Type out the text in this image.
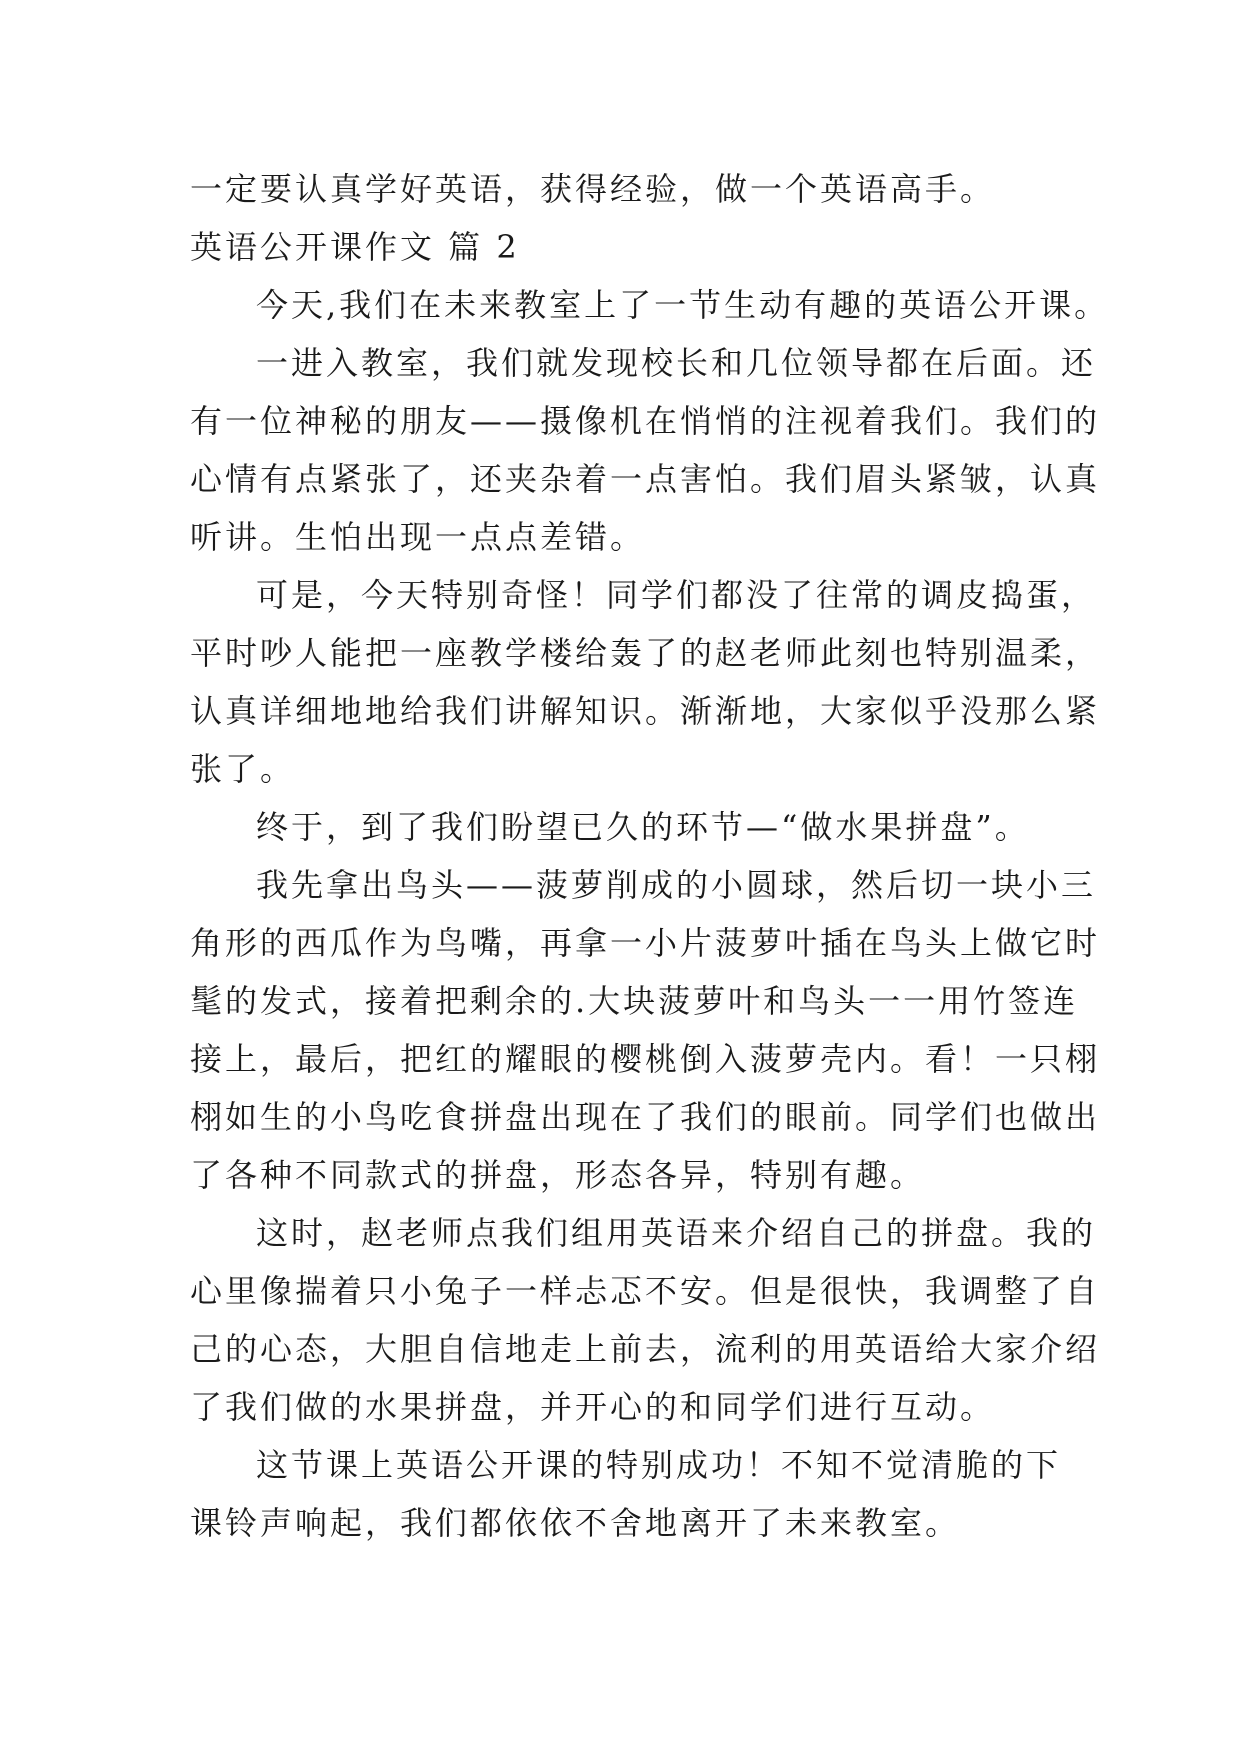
一定要认真学好英语，获得经验，做一个英语高手。
英语公开课作文 篇 2
今天,我们在未来教室上了一节生动有趣的英语公开课。
一进入教室，我们就发现校长和几位领导都在后面。还
有一位神秘的朋友——摄像机在悄悄的注视着我们。我们的
心情有点紧张了，还夹杂着一点害怕。我们眉头紧皱，认真
听讲。生怕出现一点点差错。
可是，今天特别奇怪！同学们都没了往常的调皮捣蛋，
平时吵人能把一座教学楼给轰了的赵老师此刻也特别温柔，
认真详细地地给我们讲解知识。渐渐地，大家似乎没那么紧
张了。
终于，到了我们盼望已久的环节—“做水果拼盘”。
我先拿出鸟头——菠萝削成的小圆球，然后切一块小三
角形的西瓜作为鸟嘴，再拿一小片菠萝叶插在鸟头上做它时
髦的发式，接着把剩余的.大块菠萝叶和鸟头一一用竹签连
接上，最后，把红的耀眼的樱桃倒入菠萝壳内。看！一只栩
栩如生的小鸟吃食拼盘出现在了我们的眼前。同学们也做出
了各种不同款式的拼盘，形态各异，特别有趣。
这时，赵老师点我们组用英语来介绍自己的拼盘。我的
心里像揣着只小兔子一样忐忑不安。但是很快，我调整了自
己的心态，大胆自信地走上前去，流利的用英语给大家介绍
了我们做的水果拼盘，并开心的和同学们进行互动。
这节课上英语公开课的特别成功！不知不觉清脆的下
课铃声响起，我们都依依不舍地离开了未来教室。
